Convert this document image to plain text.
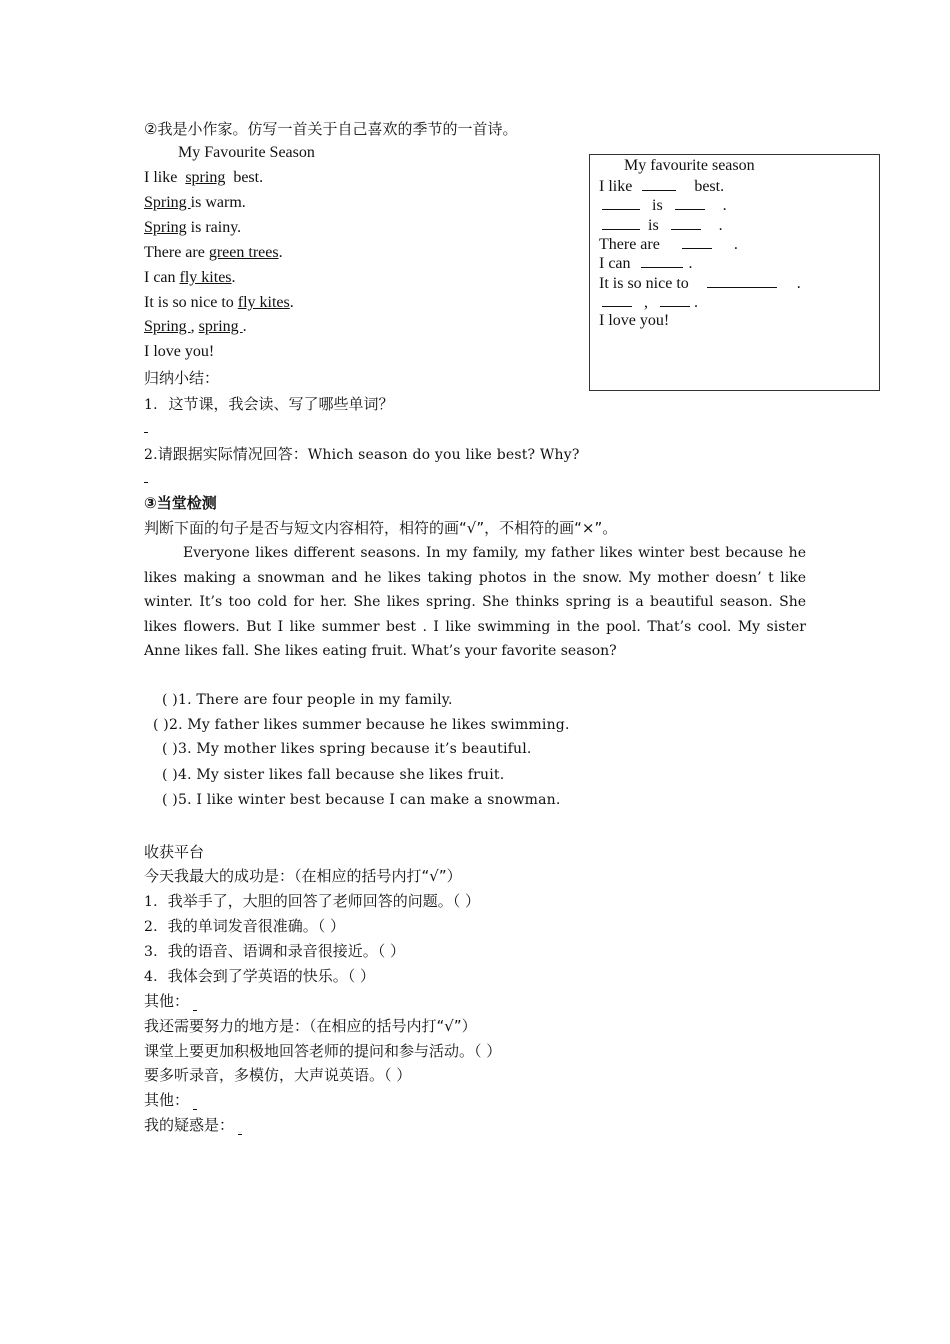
②我是小作家。仿写一首关于自己喜欢的季节的一首诗。
My Favourite Season
I like spring best.
Spring is warm.
Spring is rainy.
There are green trees.
I can fly kites.
It is so nice to fly kites.
Spring , spring .
I love you!
My favourite season
I like	best.
is	.
is	.
There are	.
I can	.
It is so nice to	.
,	.
I love you!
归纳小结：
1. 这节课，我会读、写了哪些单词？
2.请跟据实际情况回答：Which season do you like best? Why?
③当堂检测
判断下面的句子是否与短文内容相符，相符的画“√”，不相符的画“×”。
Everyone likes different seasons. In my family, my father likes winter best because he likes making a snowman and he likes taking photos in the snow. My mother doesn’ t like winter. It’s too cold for her. She likes spring. She thinks spring is a beautiful season. She likes flowers. But I like summer best . I like swimming in the pool. That’s cool. My sister Anne likes fall. She likes eating fruit. What’s your favorite season?
( )1. There are four people in my family.
( )2. My father likes summer because he likes swimming.
( )3. My mother likes spring because it’s beautiful.
( )4. My sister likes fall because she likes fruit.
( )5. I like winter best because I can make a snowman.
收获平台
今天我最大的成功是：（在相应的括号内打“√”）
1. 我举手了，大胆的回答了老师回答的问题。（ ）
2. 我的单词发音很准确。（ ）
3. 我的语音、语调和录音很接近。（ ）
4. 我体会到了学英语的快乐。（ ）
其他：
我还需要努力的地方是：（在相应的括号内打“√”）
课堂上要更加积极地回答老师的提问和参与活动。（ ）
要多听录音，多模仿，大声说英语。（ ）
其他：
我的疑惑是：
